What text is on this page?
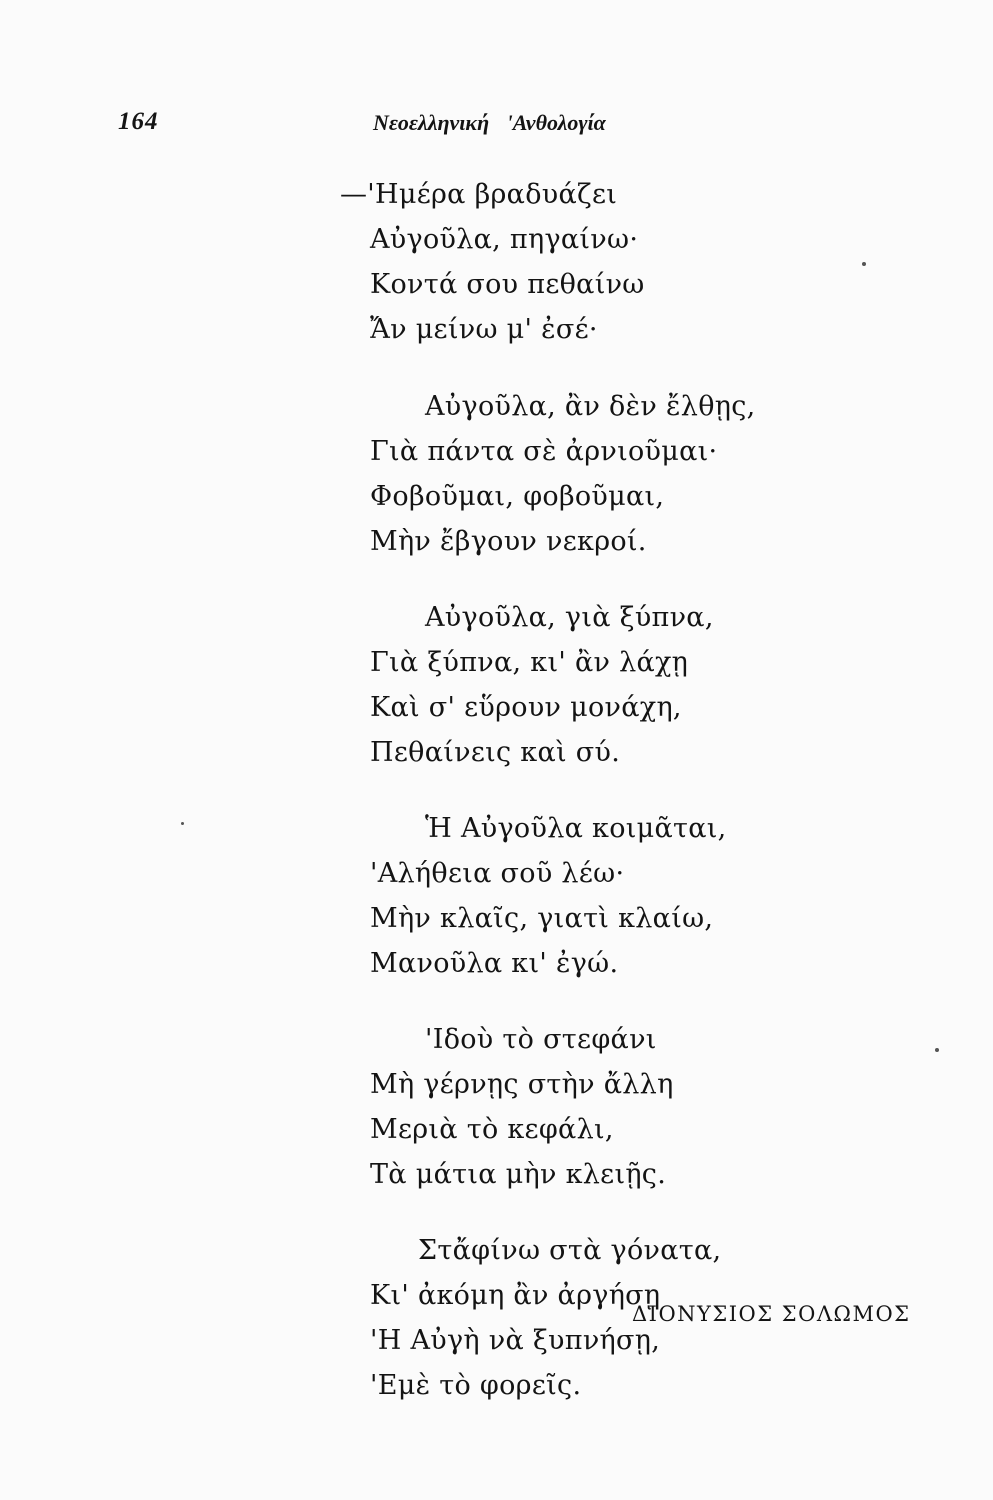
164	Νεοελληνική 'Ανθολογία
—'Ημέρα βραδυάζει
Αὐγοῦλα, πηγαίνω·
Κοντά σου πεθαίνω
Ἄν μείνω μ' ἐσέ·
Αὐγοῦλα, ἂν δὲν ἔλθῃς,
Γιὰ πάντα σὲ ἀρνιοῦμαι·
Φοβοῦμαι, φοβοῦμαι,
Μὴν ἔβγουν νεκροί.
Αὐγοῦλα, γιὰ ξύπνα,
Γιὰ ξύπνα, κι' ἂν λάχῃ
Καὶ σ' εὕρουν μονάχη,
Πεθαίνεις καὶ σύ.
Ἡ Αὐγοῦλα κοιμᾶται,
'Αλήθεια σοῦ λέω·
Μὴν κλαῖς, γιατὶ κλαίω,
Μανοῦλα κι' ἐγώ.
'Ιδοὺ τὸ στεφάνι
Μὴ γέρνῃς στὴν ἄλλη
Μεριὰ τὸ κεφάλι,
Τὰ μάτια μὴν κλειῇς.
Στἄφίνω στὰ γόνατα,
Κι' ἀκόμη ἂν ἀργήσῃ
'Η Αὐγὴ νὰ ξυπνήσῃ,
'Εμὲ τὸ φορεῖς.
ΔΙΟΝΥΣΙΟΣ ΣΟΛΩΜΟΣ
